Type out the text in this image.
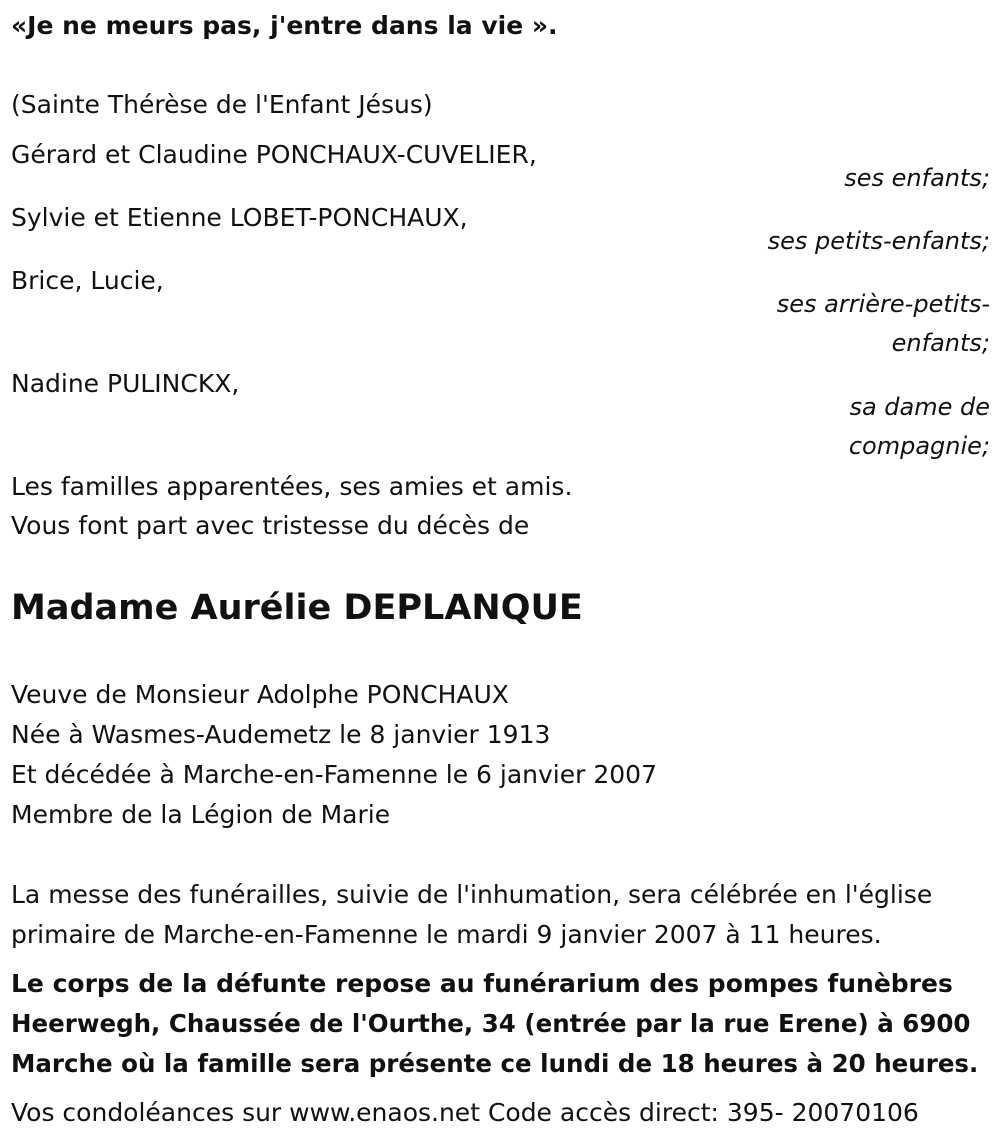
«Je ne meurs pas, j'entre dans la vie ».
(Sainte Thérèse de l'Enfant Jésus)
Gérard et Claudine PONCHAUX-CUVELIER,
ses enfants;
Sylvie et Etienne LOBET-PONCHAUX,
ses petits-enfants;
Brice, Lucie,
ses arrière-petits-
enfants;
Nadine PULINCKX,
sa dame de
compagnie;
Les familles apparentées, ses amies et amis.
Vous font part avec tristesse du décès de
Madame Aurélie DEPLANQUE
Veuve de Monsieur Adolphe PONCHAUX
Née à Wasmes-Audemetz le 8 janvier 1913
Et décédée à Marche-en-Famenne le 6 janvier 2007
Membre de la Légion de Marie
La messe des funérailles, suivie de l'inhumation, sera célébrée en l'église
primaire de Marche-en-Famenne le mardi 9 janvier 2007 à 11 heures.
Le corps de la défunte repose au funérarium des pompes funèbres
Heerwegh, Chaussée de l'Ourthe, 34 (entrée par la rue Erene) à 6900
Marche où la famille sera présente ce lundi de 18 heures à 20 heures.
Vos condoléances sur www.enaos.net Code accès direct: 395- 20070106
